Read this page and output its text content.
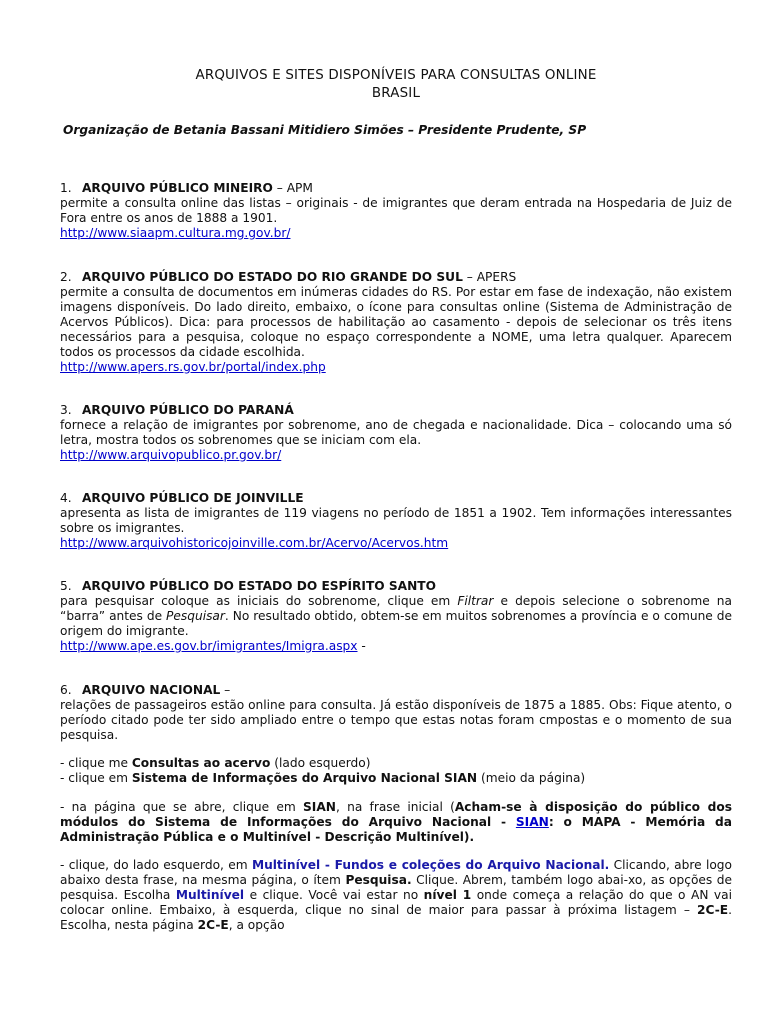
ARQUIVOS E SITES DISPONÍVEIS PARA CONSULTAS ONLINE
BRASIL
Organização de Betania Bassani Mitidiero Simões – Presidente Prudente, SP
1. ARQUIVO PÚBLICO MINEIRO – APM
permite a consulta online das listas – originais - de imigrantes que deram entrada na Hospedaria de Juiz de Fora entre os anos de 1888 a 1901.
http://www.siaapm.cultura.mg.gov.br/
2. ARQUIVO PÚBLICO DO ESTADO DO RIO GRANDE DO SUL – APERS
permite a consulta de documentos em inúmeras cidades do RS. Por estar em fase de indexação, não existem imagens disponíveis. Do lado direito, embaixo, o ícone para consultas online (Sistema de Administração de Acervos Públicos). Dica: para processos de habilitação ao casamento - depois de selecionar os três itens necessários para a pesquisa, coloque no espaço correspondente a NOME, uma letra qualquer. Aparecem todos os processos da cidade escolhida.
http://www.apers.rs.gov.br/portal/index.php
3. ARQUIVO PÚBLICO DO PARANÁ
fornece a relação de imigrantes por sobrenome, ano de chegada e nacionalidade. Dica – colocando uma só letra, mostra todos os sobrenomes que se iniciam com ela.
http://www.arquivopublico.pr.gov.br/
4. ARQUIVO PÚBLICO DE JOINVILLE
apresenta as lista de imigrantes de 119 viagens no período de 1851 a 1902. Tem informações interessantes sobre os imigrantes.
http://www.arquivohistoricojoinville.com.br/Acervo/Acervos.htm
5. ARQUIVO PÚBLICO DO ESTADO DO ESPÍRITO SANTO
para pesquisar coloque as iniciais do sobrenome, clique em Filtrar e depois selecione o sobrenome na “barra” antes de Pesquisar. No resultado obtido, obtem-se em muitos sobrenomes a província e o comune de origem do imigrante.
http://www.ape.es.gov.br/imigrantes/Imigra.aspx -
6. ARQUIVO NACIONAL –
relações de passageiros estão online para consulta. Já estão disponíveis de 1875 a 1885. Obs: Fique atento, o período citado pode ter sido ampliado entre o tempo que estas notas foram cmpostas e o momento de sua pesquisa.
- clique me Consultas ao acervo (lado esquerdo)
- clique em Sistema de Informações do Arquivo Nacional SIAN (meio da página)
- na página que se abre, clique em SIAN, na frase inicial (Acham-se à disposição do público dos módulos do Sistema de Informações do Arquivo Nacional - SIAN: o MAPA - Memória da Administração Pública e o Multinível - Descrição Multinível).
- clique, do lado esquerdo, em Multinível - Fundos e coleções do Arquivo Nacional. Clicando, abre logo abaixo desta frase, na mesma página, o ítem Pesquisa. Clique. Abrem, também logo abai-xo, as opções de pesquisa. Escolha Multinível e clique. Você vai estar no nível 1 onde começa a relação do que o AN vai colocar online. Embaixo, à esquerda, clique no sinal de maior para passar à próxima listagem – 2C-E. Escolha, nesta página 2C-E, a opção
